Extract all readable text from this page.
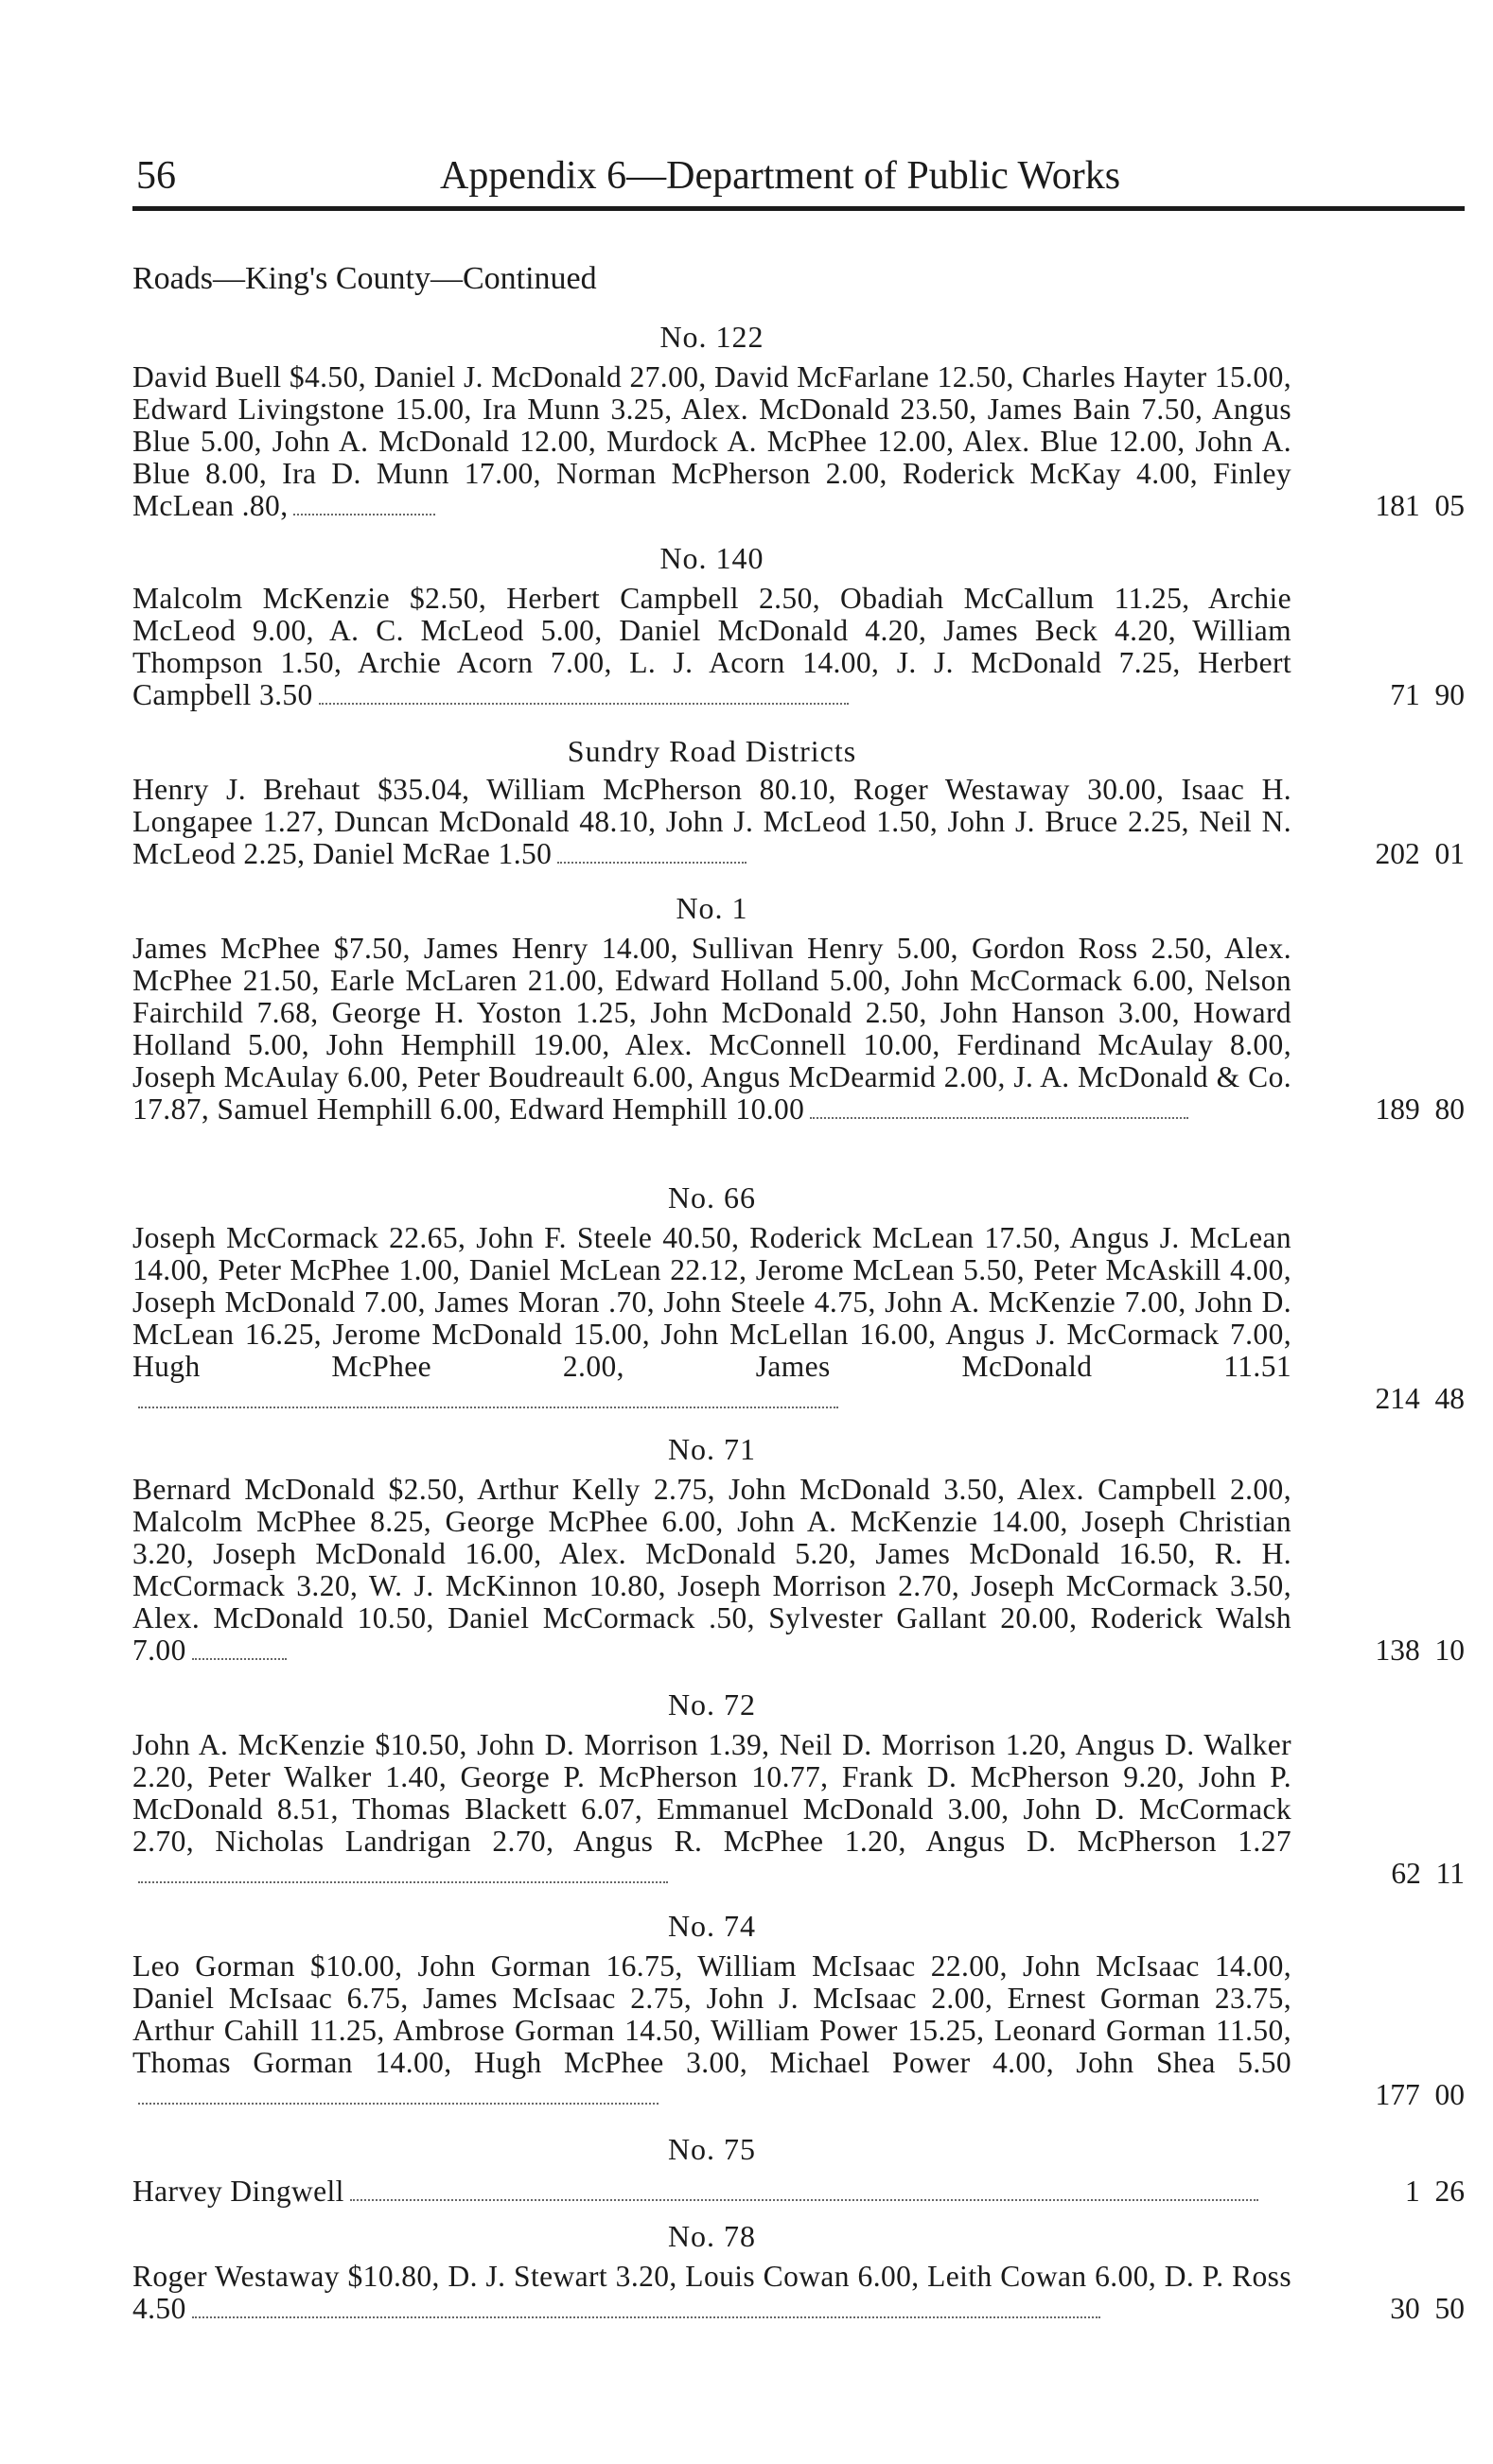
56	Appendix 6—Department of Public Works
Roads—King's County—Continued
No. 122
David Buell $4.50, Daniel J. McDonald 27.00, David McFarlane 12.50, Charles Hayter 15.00, Edward Livingstone 15.00, Ira Munn 3.25, Alex. McDonald 23.50, James Bain 7.50, Angus Blue 5.00, John A. McDonald 12.00, Murdock A. McPhee 12.00, Alex. Blue 12.00, John A. Blue 8.00, Ira D. Munn 17.00, Norman McPherson 2.00, Roderick McKay 4.00, Finley McLean .80,	181  05
No. 140
Malcolm McKenzie $2.50, Herbert Campbell 2.50, Obadiah McCallum 11.25, Archie McLeod 9.00, A. C. McLeod 5.00, Daniel McDonald 4.20, James Beck 4.20, William Thompson 1.50, Archie Acorn 7.00, L. J. Acorn 14.00, J. J. McDonald 7.25, Herbert Campbell 3.50	71  90
Sundry Road Districts
Henry J. Brehaut $35.04, William McPherson 80.10, Roger Westaway 30.00, Isaac H. Longapee 1.27, Duncan McDonald 48.10, John J. McLeod 1.50, John J. Bruce 2.25, Neil N. McLeod 2.25, Daniel McRae 1.50	202  01
No. 1
James McPhee $7.50, James Henry 14.00, Sullivan Henry 5.00, Gordon Ross 2.50, Alex. McPhee 21.50, Earle McLaren 21.00, Edward Holland 5.00, John McCormack 6.00, Nelson Fairchild 7.68, George H. Yoston 1.25, John McDonald 2.50, John Hanson 3.00, Howard Holland 5.00, John Hemphill 19.00, Alex. McConnell 10.00, Ferdinand McAulay 8.00, Joseph McAulay 6.00, Peter Boudreault 6.00, Angus McDearmid 2.00, J. A. McDonald & Co. 17.87, Samuel Hemphill 6.00, Edward Hemphill 10.00	189  80
No. 66
Joseph McCormack 22.65, John F. Steele 40.50, Roderick McLean 17.50, Angus J. McLean 14.00, Peter McPhee 1.00, Daniel McLean 22.12, Jerome McLean 5.50, Peter McAskill 4.00, Joseph McDonald 7.00, James Moran .70, John Steele 4.75, John A. McKenzie 7.00, John D. McLean 16.25, Jerome McDonald 15.00, John McLellan 16.00, Angus J. McCormack 7.00, Hugh McPhee 2.00, James McDonald 11.51
214  48
No. 71
Bernard McDonald $2.50, Arthur Kelly 2.75, John McDonald 3.50, Alex. Campbell 2.00, Malcolm McPhee 8.25, George McPhee 6.00, John A. McKenzie 14.00, Joseph Christian 3.20, Joseph McDonald 16.00, Alex. McDonald 5.20, James McDonald 16.50, R. H. McCormack 3.20, W. J. McKinnon 10.80, Joseph Morrison 2.70, Joseph McCormack 3.50, Alex. McDonald 10.50, Daniel McCormack .50, Sylvester Gallant 20.00, Roderick Walsh 7.00	138  10
No. 72
John A. McKenzie $10.50, John D. Morrison 1.39, Neil D. Morrison 1.20, Angus D. Walker 2.20, Peter Walker 1.40, George P. McPherson 10.77, Frank D. McPherson 9.20, John P. McDonald 8.51, Thomas Blackett 6.07, Emmanuel McDonald 3.00, John D. McCormack 2.70, Nicholas Landrigan 2.70, Angus R. McPhee 1.20, Angus D. McPherson 1.27
62  11
No. 74
Leo Gorman $10.00, John Gorman 16.75, William McIsaac 22.00, John McIsaac 14.00, Daniel McIsaac 6.75, James McIsaac 2.75, John J. McIsaac 2.00, Ernest Gorman 23.75, Arthur Cahill 11.25, Ambrose Gorman 14.50, William Power 15.25, Leonard Gorman 11.50, Thomas Gorman 14.00, Hugh McPhee 3.00, Michael Power 4.00, John Shea 5.50
177  00
No. 75
Harvey Dingwell	1  26
No. 78
Roger Westaway $10.80, D. J. Stewart 3.20, Louis Cowan 6.00, Leith Cowan 6.00, D. P. Ross 4.50	30  50
